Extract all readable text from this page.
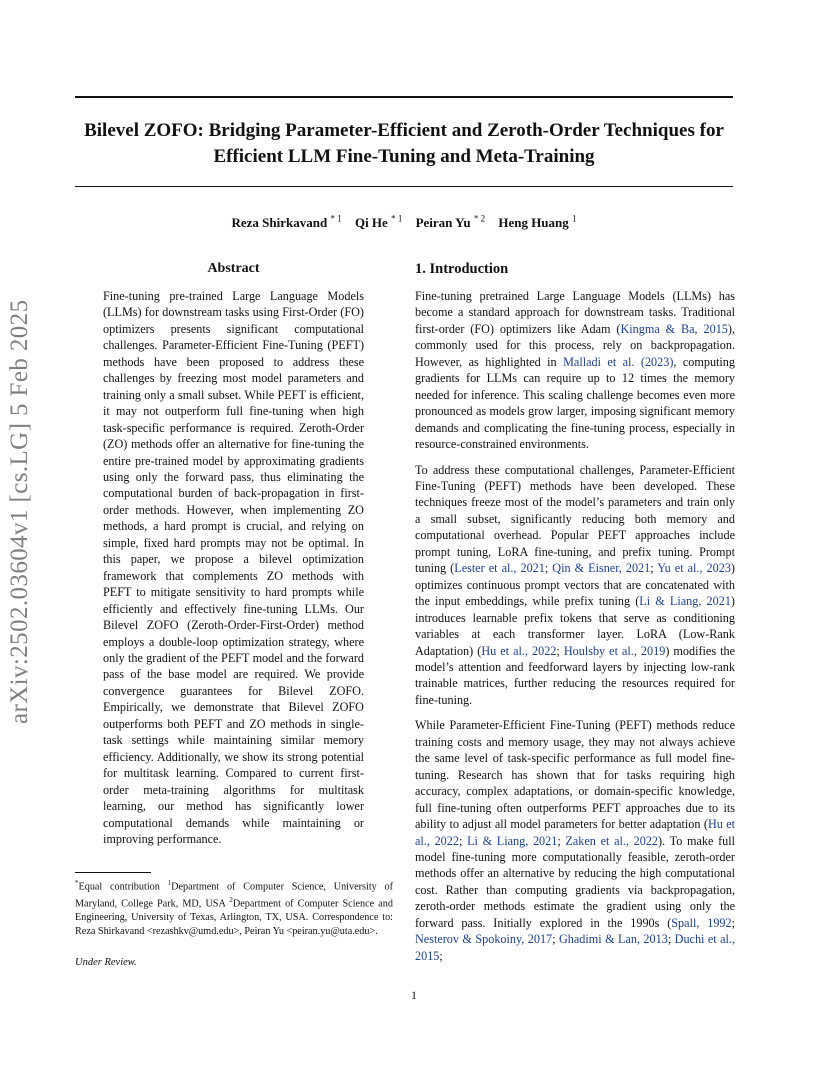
Bilevel ZOFO: Bridging Parameter-Efficient and Zeroth-Order Techniques for
Efficient LLM Fine-Tuning and Meta-Training
Reza Shirkavand $^{* 1}$ Qi He $^{* 1}$ Peiran Yu $^{* 2}$ Heng Huang $^1$
arXiv:2502.03604v1 [cs.LG] 5 Feb 2025
Abstract

Fine-tuning pre-trained Large Language Models (LLMs) for downstream tasks using First-Order (FO) optimizers presents significant computational challenges. Parameter-Efficient Fine-Tuning (PEFT) methods have been proposed to address these challenges by freezing most model parameters and training only a small subset. While PEFT is efficient, it may not outperform full fine-tuning when high task-specific performance is required. Zeroth-Order (ZO) methods offer an alternative for fine-tuning the entire pre-trained model by approximating gradients using only the forward pass, thus eliminating the computational burden of back-propagation in first-order methods. However, when implementing ZO methods, a hard prompt is crucial, and relying on simple, fixed hard prompts may not be optimal. In this paper, we propose a bilevel optimization framework that complements ZO methods with PEFT to mitigate sensitivity to hard prompts while efficiently and effectively fine-tuning LLMs. Our Bilevel ZOFO (Zeroth-Order-First-Order) method employs a double-loop optimization strategy, where only the gradient of the PEFT model and the forward pass of the base model are required. We provide convergence guarantees for Bilevel ZOFO. Empirically, we demonstrate that Bilevel ZOFO outperforms both PEFT and ZO methods in single-task settings while maintaining similar memory efficiency. Additionally, we show its strong potential for multitask learning. Compared to current first-order meta-training algorithms for multitask learning, our method has significantly lower computational demands while maintaining or improving performance.

1. Introduction

Fine-tuning pretrained Large Language Models (LLMs) has become a standard approach for downstream tasks. Traditional first-order (FO) optimizers like Adam (Kingma & Ba, 2015), commonly used for this process, rely on backpropagation. However, as highlighted in Malladi et al. (2023), computing gradients for LLMs can require up to 12 times the memory needed for inference. This scaling challenge becomes even more pronounced as models grow larger, imposing significant memory demands and complicating the fine-tuning process, especially in resource-constrained environments.

To address these computational challenges, Parameter-Efficient Fine-Tuning (PEFT) methods have been developed. These techniques freeze most of the model’s parameters and train only a small subset, significantly reducing both memory and computational overhead. Popular PEFT approaches include prompt tuning, LoRA fine-tuning, and prefix tuning. Prompt tuning (Lester et al., 2021; Qin & Eisner, 2021; Yu et al., 2023) optimizes continuous prompt vectors that are concatenated with the input embeddings, while prefix tuning (Li & Liang, 2021) introduces learnable prefix tokens that serve as conditioning variables at each transformer layer. LoRA (Low-Rank Adaptation) (Hu et al., 2022; Houlsby et al., 2019) modifies the model’s attention and feedforward layers by injecting low-rank trainable matrices, further reducing the resources required for fine-tuning.

While Parameter-Efficient Fine-Tuning (PEFT) methods reduce training costs and memory usage, they may not always achieve the same level of task-specific performance as full model fine-tuning. Research has shown that for tasks requiring high accuracy, complex adaptations, or domain-specific knowledge, full fine-tuning often outperforms PEFT approaches due to its ability to adjust all model parameters for better adaptation (Hu et al., 2022; Li & Liang, 2021; Zaken et al., 2022). To make full model fine-tuning more computationally feasible, zeroth-order methods offer an alternative by reducing the high computational cost. Rather than computing gradients via backpropagation, zeroth-order methods estimate the gradient using only the forward pass. Initially explored in the 1990s (Spall, 1992; Nesterov & Spokoiny, 2017; Ghadimi & Lan, 2013; Duchi et al., 2015;

*Equal contribution $^1$Department of Computer Science, University of Maryland, College Park, MD, USA $^2$Department of Computer Science and Engineering, University of Texas, Arlington, TX, USA. Correspondence to: Reza Shirkavand <rezashkv@umd.edu>, Peiran Yu <peiran.yu@uta.edu>.
Under Review.
1
